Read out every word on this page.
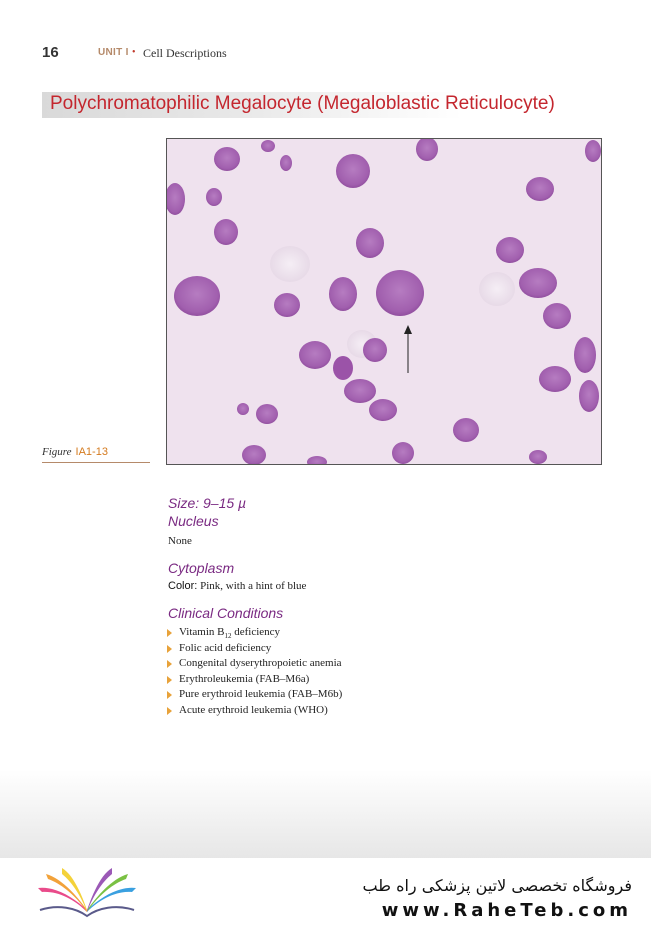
16	UNIT I • Cell Descriptions
Polychromatophilic Megalocyte (Megaloblastic Reticulocyte)
Figure IA1-13
Size: 9–15 µ
Nucleus
None
Cytoplasm
Color: Pink, with a hint of blue
Clinical Conditions
Vitamin $B_{12}$ deficiency
Folic acid deficiency
Congenital dyserythropoietic anemia
Erythroleukemia (FAB–M6a)
Pure erythroid leukemia (FAB–M6b)
Acute erythroid leukemia (WHO)
فروشگاه تخصصی لاتین پزشکی راه طب
www.RaheTeb.com
